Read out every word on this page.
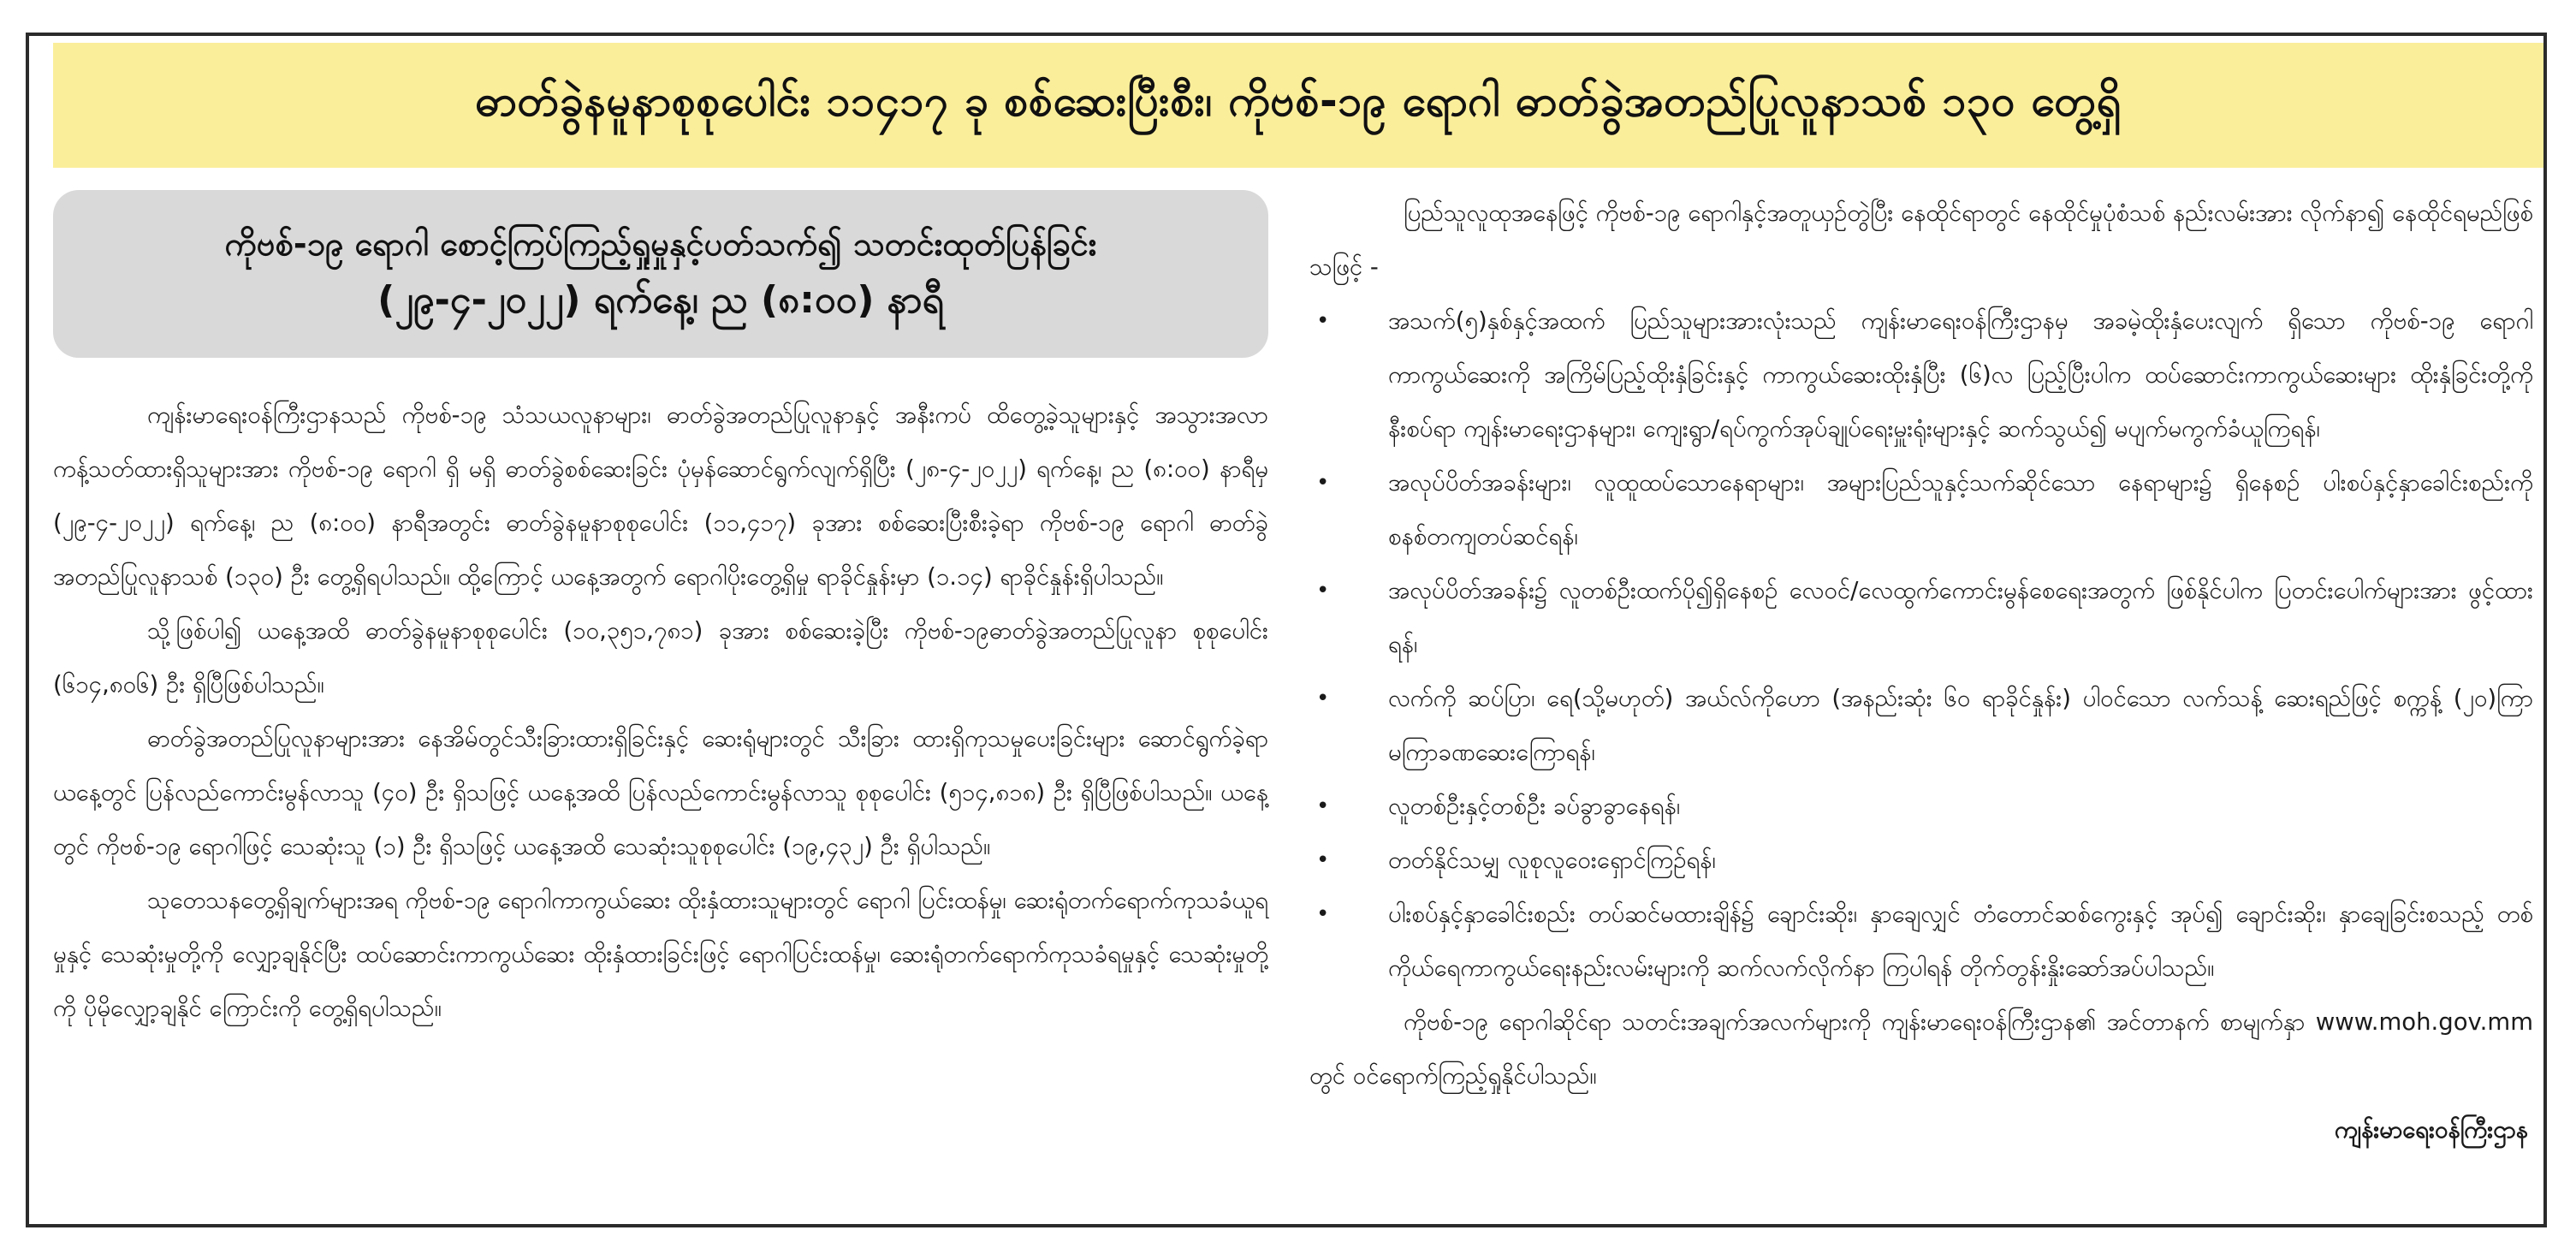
ဓာတ်ခွဲနမူနာစုစုပေါင်း ၁၁၄၁၇ ခု စစ်ဆေးပြီးစီး၊ ကိုဗစ်-၁၉ ရောဂါ ဓာတ်ခွဲအတည်ပြုလူနာသစ် ၁၃၀ တွေ့ရှိ
ကိုဗစ်-၁၉ ရောဂါ စောင့်ကြပ်ကြည့်ရှုမှုနှင့်ပတ်သက်၍ သတင်းထုတ်ပြန်ခြင်း
(၂၉-၄-၂၀၂၂) ရက်နေ့၊ ည (၈:၀၀) နာရီ

ကျန်းမာရေးဝန်ကြီးဌာနသည် ကိုဗစ်-၁၉ သံသယလူနာများ၊ ဓာတ်ခွဲအတည်ပြုလူနာနှင့် အနီးကပ် ထိတွေ့ခဲ့သူများနှင့် အသွားအလာကန့်သတ်ထားရှိသူများအား ကိုဗစ်-၁၉ ရောဂါ ရှိ မရှိ ဓာတ်ခွဲစစ်ဆေးခြင်း ပုံမှန်ဆောင်ရွက်လျက်ရှိပြီး (၂၈-၄-၂၀၂၂) ရက်နေ့၊ ည (၈:၀၀) နာရီမှ (၂၉-၄-၂၀၂၂) ရက်နေ့၊ ည (၈:၀၀) နာရီအတွင်း ဓာတ်ခွဲနမူနာစုစုပေါင်း (၁၁,၄၁၇) ခုအား စစ်ဆေးပြီးစီးခဲ့ရာ ကိုဗစ်-၁၉ ရောဂါ ဓာတ်ခွဲ အတည်ပြုလူနာသစ် (၁၃၀) ဦး တွေ့ရှိရပါသည်။ ထို့ကြောင့် ယနေ့အတွက် ရောဂါပိုးတွေ့ရှိမှု ရာခိုင်နှုန်းမှာ (၁.၁၄) ရာခိုင်နှုန်းရှိပါသည်။

သို့ဖြစ်ပါ၍ ယနေ့အထိ ဓာတ်ခွဲနမူနာစုစုပေါင်း (၁၀,၃၅၁,၇၈၁) ခုအား စစ်ဆေးခဲ့ပြီး ကိုဗစ်-၁၉ဓာတ်ခွဲအတည်ပြုလူနာ စုစုပေါင်း (၆၁၄,၈၀၆) ဦး ရှိပြီဖြစ်ပါသည်။

ဓာတ်ခွဲအတည်ပြုလူနာများအား နေအိမ်တွင်သီးခြားထားရှိခြင်းနှင့် ဆေးရုံများတွင် သီးခြား ထားရှိကုသမှုပေးခြင်းများ ဆောင်ရွက်ခဲ့ရာ ယနေ့တွင် ပြန်လည်ကောင်းမွန်လာသူ (၄၀) ဦး ရှိသဖြင့် ယနေ့အထိ ပြန်လည်ကောင်းမွန်လာသူ စုစုပေါင်း (၅၁၄,၈၁၈) ဦး ရှိပြီဖြစ်ပါသည်။ ယနေ့တွင် ကိုဗစ်-၁၉ ရောဂါဖြင့် သေဆုံးသူ (၁) ဦး ရှိသဖြင့် ယနေ့အထိ သေဆုံးသူစုစုပေါင်း (၁၉,၄၃၂) ဦး ရှိပါသည်။

သုတေသနတွေ့ရှိချက်များအရ ကိုဗစ်-၁၉ ရောဂါကာကွယ်ဆေး ထိုးနှံထားသူများတွင် ရောဂါ ပြင်းထန်မှု၊ ဆေးရုံတက်ရောက်ကုသခံယူရမှုနှင့် သေဆုံးမှုတို့ကို လျှော့ချနိုင်ပြီး ထပ်ဆောင်းကာကွယ်ဆေး ထိုးနှံထားခြင်းဖြင့် ရောဂါပြင်းထန်မှု၊ ဆေးရုံတက်ရောက်ကုသခံရမှုနှင့် သေဆုံးမှုတို့ကို ပိုမိုလျှော့ချနိုင် ကြောင်းကို တွေ့ရှိရပါသည်။

ပြည်သူလူထုအနေဖြင့် ကိုဗစ်-၁၉ ရောဂါနှင့်အတူယှဉ်တွဲပြီး နေထိုင်ရာတွင် နေထိုင်မှုပုံစံသစ် နည်းလမ်းအား လိုက်နာ၍ နေထိုင်ရမည်ဖြစ်သဖြင့် -

• အသက်(၅)နှစ်နှင့်အထက် ပြည်သူများအားလုံးသည် ကျန်းမာရေးဝန်ကြီးဌာနမှ အခမဲ့ထိုးနှံပေးလျက် ရှိသော ကိုဗစ်-၁၉ ရောဂါ ကာကွယ်ဆေးကို အကြိမ်ပြည့်ထိုးနှံခြင်းနှင့် ကာကွယ်ဆေးထိုးနှံပြီး (၆)လ ပြည့်ပြီးပါက ထပ်ဆောင်းကာကွယ်ဆေးများ ထိုးနှံခြင်းတို့ကို နီးစပ်ရာ ကျန်းမာရေးဌာနများ၊ ကျေးရွာ/ရပ်ကွက်အုပ်ချုပ်ရေးမှူးရုံးများနှင့် ဆက်သွယ်၍ မပျက်မကွက်ခံယူကြရန်၊
• အလုပ်ပိတ်အခန်းများ၊ လူထူထပ်သောနေရာများ၊ အများပြည်သူနှင့်သက်ဆိုင်သော နေရာများ၌ ရှိနေစဉ် ပါးစပ်နှင့်နှာခေါင်းစည်းကို စနစ်တကျတပ်ဆင်ရန်၊
• အလုပ်ပိတ်အခန်း၌ လူတစ်ဦးထက်ပို၍ရှိနေစဉ် လေဝင်/လေထွက်ကောင်းမွန်စေရေးအတွက် ဖြစ်နိုင်ပါက ပြတင်းပေါက်များအား ဖွင့်ထားရန်၊
• လက်ကို ဆပ်ပြာ၊ ရေ(သို့မဟုတ်) အယ်လ်ကိုဟော (အနည်းဆုံး ၆၀ ရာခိုင်နှုန်း) ပါဝင်သော လက်သန့် ဆေးရည်ဖြင့် စက္ကန့် (၂၀)ကြာ မကြာခဏဆေးကြောရန်၊
• လူတစ်ဦးနှင့်တစ်ဦး ခပ်ခွာခွာနေရန်၊
• တတ်နိုင်သမျှ လူစုလူဝေးရှောင်ကြဉ်ရန်၊
• ပါးစပ်နှင့်နှာခေါင်းစည်း တပ်ဆင်မထားချိန်၌ ချောင်းဆိုး၊ နှာချေလျှင် တံတောင်ဆစ်ကွေးနှင့် အုပ်၍ ချောင်းဆိုး၊ နှာချေခြင်းစသည့် တစ်ကိုယ်ရေကာကွယ်ရေးနည်းလမ်းများကို ဆက်လက်လိုက်နာ ကြပါရန် တိုက်တွန်းနှိုးဆော်အပ်ပါသည်။

ကိုဗစ်-၁၉ ရောဂါဆိုင်ရာ သတင်းအချက်အလက်များကို ကျန်းမာရေးဝန်ကြီးဌာန၏ အင်တာနက် စာမျက်နှာ www.moh.gov.mm တွင် ဝင်ရောက်ကြည့်ရှုနိုင်ပါသည်။

ကျန်းမာရေးဝန်ကြီးဌာန
